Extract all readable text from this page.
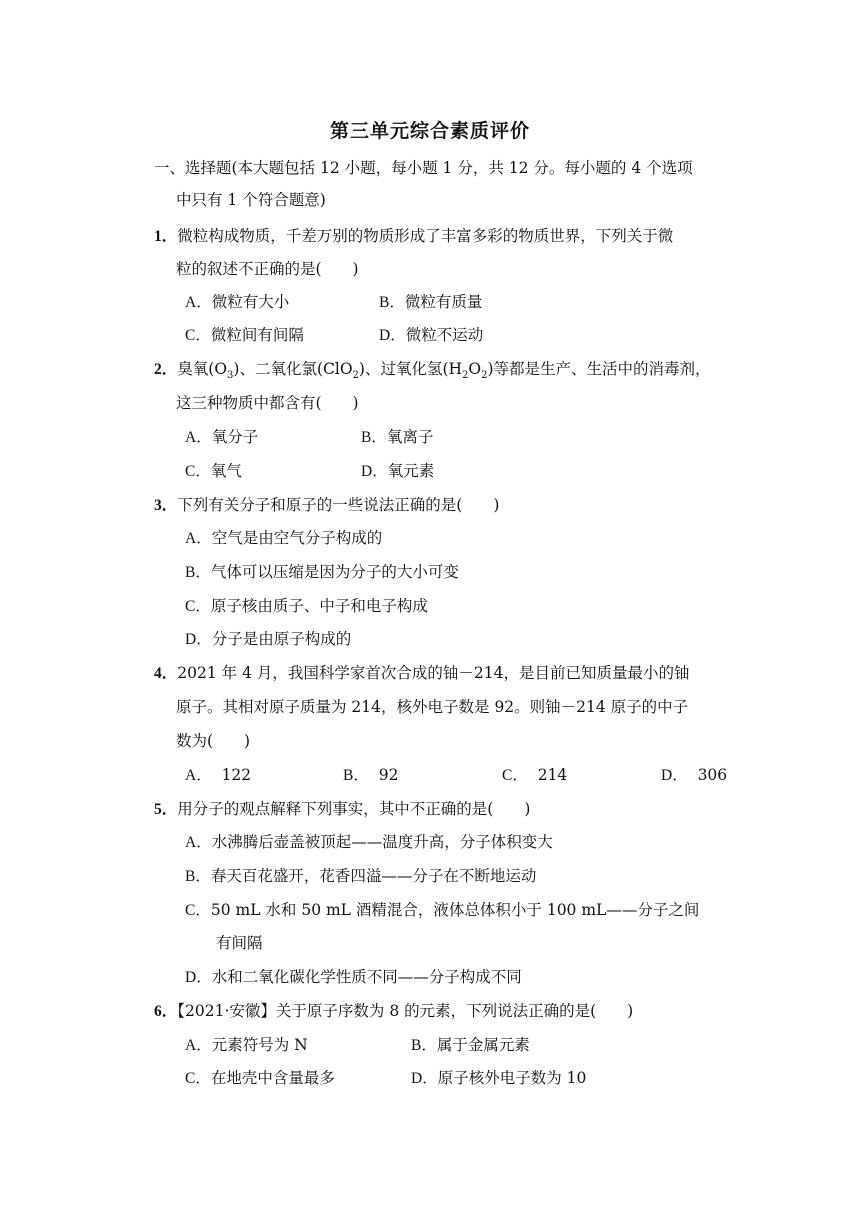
第三单元综合素质评价
一、选择题(本大题包括 12 小题，每小题 1 分，共 12 分。每小题的 4 个选项
中只有 1 个符合题意)
1．微粒构成物质，千差万别的物质形成了丰富多彩的物质世界，下列关于微
粒的叙述不正确的是(　　)
A．微粒有大小	B．微粒有质量
C．微粒间有间隔	D．微粒不运动
2．臭氧$(O_3)$、二氧化氯(ClO$_2$)、过氧化氢$(H_2O_2)$等都是生产、生活中的消毒剂，
这三种物质中都含有(　　)
A．氧分子	B．氧离子
C．氧气	D．氧元素
3．下列有关分子和原子的一些说法正确的是(　　)
A．空气是由空气分子构成的
B．气体可以压缩是因为分子的大小可变
C．原子核由质子、中子和电子构成
D．分子是由原子构成的
4．2021 年 4 月，我国科学家首次合成的铀－214，是目前已知质量最小的铀
原子。其相对原子质量为 214，核外电子数是 92。则铀－214 原子的中子
数为(　　)
A． 122	B． 92	C． 214	D． 306
5．用分子的观点解释下列事实，其中不正确的是(　　)
A．水沸腾后壶盖被顶起——温度升高，分子体积变大
B．春天百花盛开，花香四溢——分子在不断地运动
C．50 mL 水和 50 mL 酒精混合，液体总体积小于 100 mL——分子之间
有间隔
D．水和二氧化碳化学性质不同——分子构成不同
6．【2021·安徽】关于原子序数为 8 的元素，下列说法正确的是(　　)
A．元素符号为 N	B．属于金属元素
C．在地壳中含量最多	D．原子核外电子数为 10
